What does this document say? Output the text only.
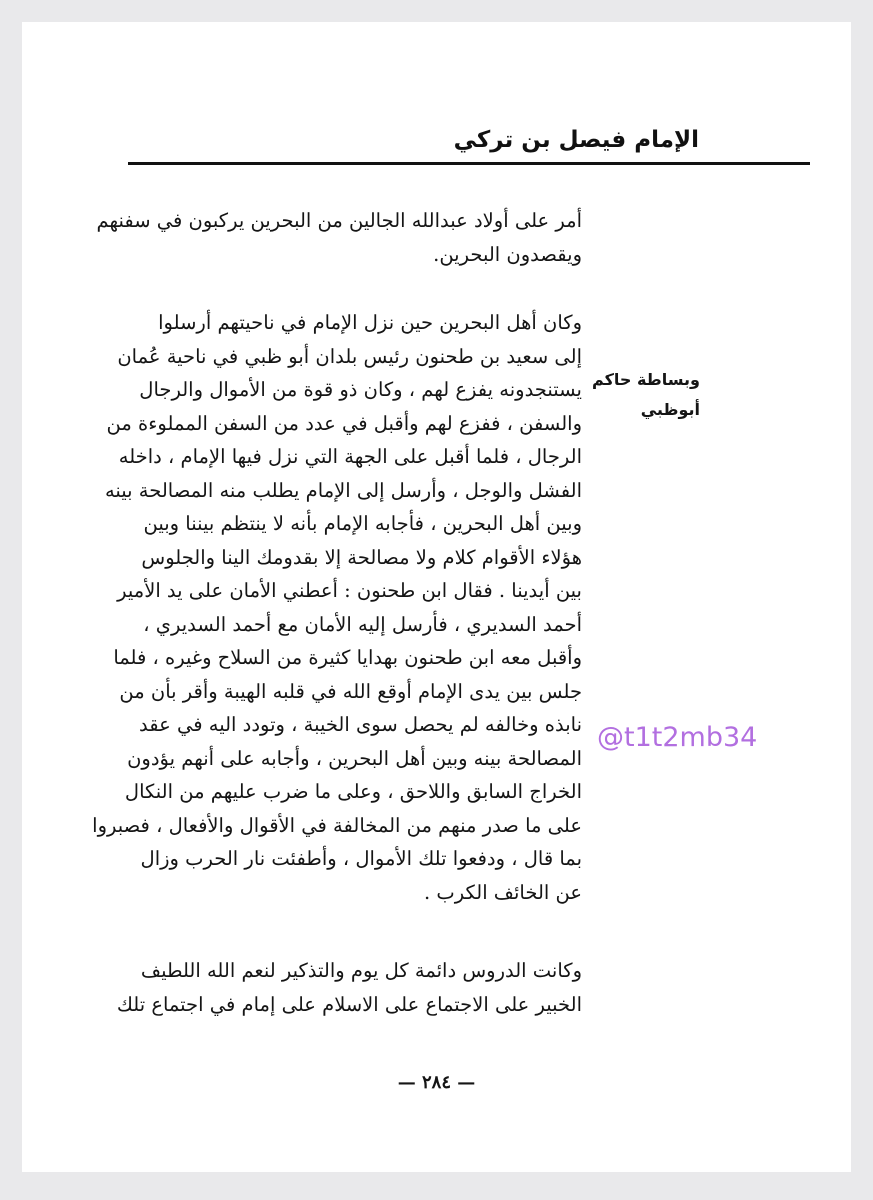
الإمام فيصل بن تركي

أمر على أولاد عبدالله الجالين من البحرين يركبون في سفنهم
ويقصدون البحرين.

وبساطة حاكم
أبوظبي

وكان أهل البحرين حين نزل الإمام في ناحيتهم أرسلوا
إلى سعيد بن طحنون رئيس بلدان أبو ظبي في ناحية عُمان
يستنجدونه يفزع لهم ، وكان ذو قوة من الأموال والرجال
والسفن ، ففزع لهم وأقبل في عدد من السفن المملوءة من
الرجال ، فلما أقبل على الجهة التي نزل فيها الإمام ، داخله
الفشل والوجل ، وأرسل إلى الإمام يطلب منه المصالحة بينه
وبين أهل البحرين ، فأجابه الإمام بأنه لا ينتظم بيننا وبين
هؤلاء الأقوام كلام ولا مصالحة إلا بقدومك الينا والجلوس
بين أيدينا . فقال ابن طحنون : أعطني الأمان على يد الأمير
أحمد السديري ، فأرسل إليه الأمان مع أحمد السديري ،
وأقبل معه ابن طحنون بهدايا كثيرة من السلاح وغيره ، فلما
جلس بين يدى الإمام أوقع الله في قلبه الهيبة وأقر بأن من
نابذه وخالفه لم يحصل سوى الخيبة ، وتودد اليه في عقد
المصالحة بينه وبين أهل البحرين ، وأجابه على أنهم يؤدون
الخراج السابق واللاحق ، وعلى ما ضرب عليهم من النكال
على ما صدر منهم من المخالفة في الأقوال والأفعال ، فصبروا
بما قال ، ودفعوا تلك الأموال ، وأطفئت نار الحرب وزال
عن الخائف الكرب .

وكانت الدروس دائمة كل يوم والتذكير لنعم الله اللطيف
الخبير على الاجتماع على الاسلام على إمام في اجتماع تلك

@t1t2mb34
— ٢٨٤ —
